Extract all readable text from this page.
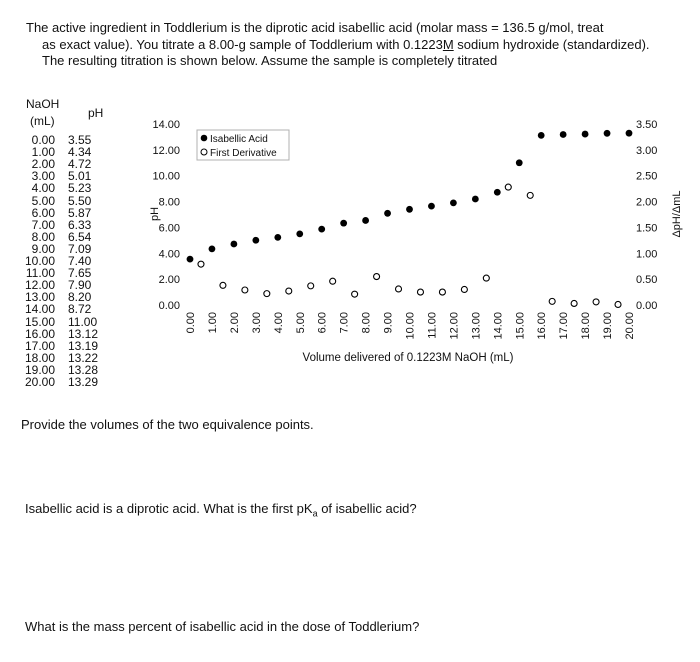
The active ingredient in Toddlerium is the diprotic acid isabellic acid (molar mass = 136.5 g/mol, treat
as exact value). You titrate a 8.00-g sample of Toddlerium with 0.1223M sodium hydroxide (standardized).
The resulting titration is shown below. Assume the sample is completely titrated
NaOH
(mL)
pH
0.00 3.55
1.00 4.34
2.00 4.72
3.00 5.01
4.00 5.23
5.00 5.50
6.00 5.87
7.00 6.33
8.00 6.54
9.00 7.09
10.00 7.40
11.00 7.65
12.00 7.90
13.00 8.20
14.00 8.72
15.00 11.00
16.00 13.12
17.00 13.19
18.00 13.22
19.00 13.28
20.00 13.29
0.00
2.00
4.00
6.00
8.00
10.00
12.00
14.00
0.00
0.50
1.00
1.50
2.00
2.50
3.00
3.50
0.00 1.00 2.00 3.00 4.00 5.00 6.00 7.00 8.00 9.00 10.00 11.00 12.00 13.00 14.00 15.00 16.00 17.00 18.00 19.00 20.00
pH	ΔpH/ΔmL
Volume delivered of 0.1223M NaOH (mL)
Isabellic Acid
First Derivative
Provide the volumes of the two equivalence points.
Isabellic acid is a diprotic acid. What is the first $pK_a$ of isabellic acid?
What is the mass percent of isabellic acid in the dose of Toddlerium?
